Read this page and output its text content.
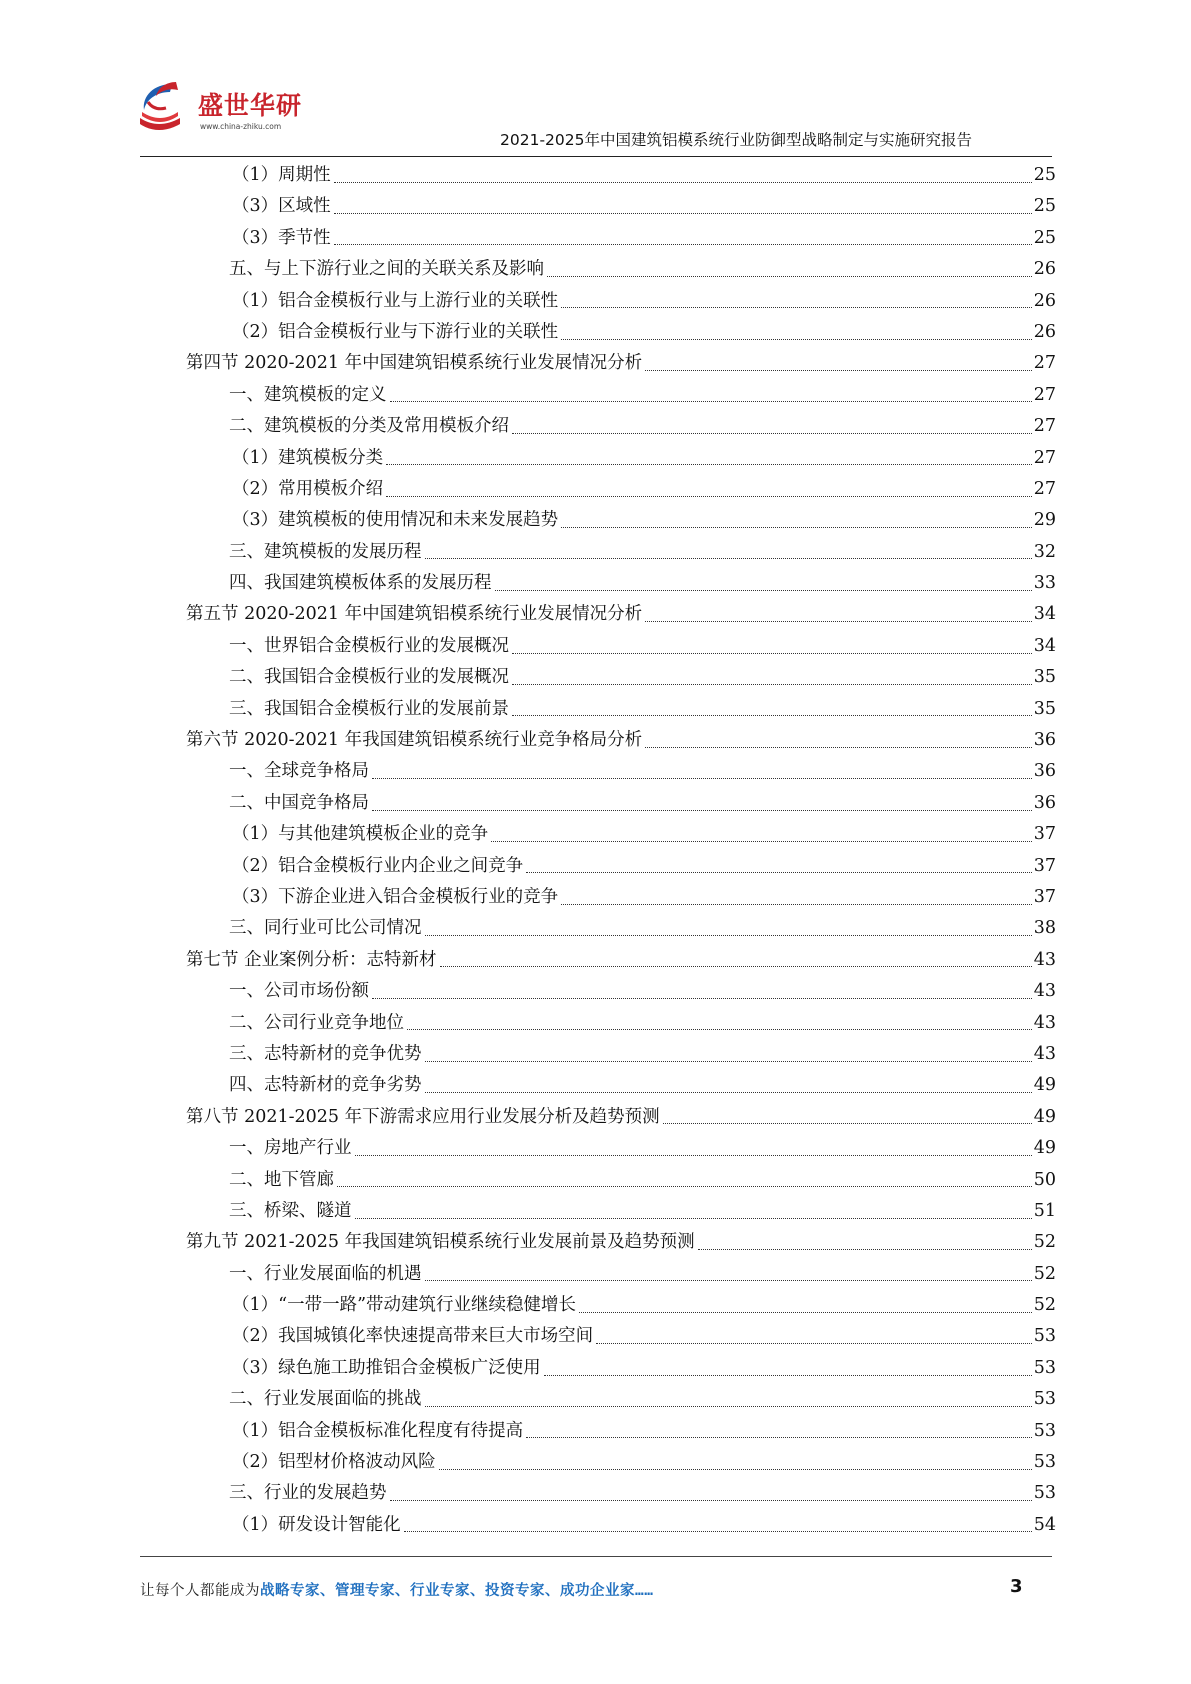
盛世华研
www.china-zhiku.com
2021-2025年中国建筑铝模系统行业防御型战略制定与实施研究报告
（1）周期性	25
（3）区域性	25
（3）季节性	25
五、与上下游行业之间的关联关系及影响	26
（1）铝合金模板行业与上游行业的关联性	26
（2）铝合金模板行业与下游行业的关联性	26
第四节 2020-2021 年中国建筑铝模系统行业发展情况分析	27
一、建筑模板的定义	27
二、建筑模板的分类及常用模板介绍	27
（1）建筑模板分类	27
（2）常用模板介绍	27
（3）建筑模板的使用情况和未来发展趋势	29
三、建筑模板的发展历程	32
四、我国建筑模板体系的发展历程	33
第五节 2020-2021 年中国建筑铝模系统行业发展情况分析	34
一、世界铝合金模板行业的发展概况	34
二、我国铝合金模板行业的发展概况	35
三、我国铝合金模板行业的发展前景	35
第六节 2020-2021 年我国建筑铝模系统行业竞争格局分析	36
一、全球竞争格局	36
二、中国竞争格局	36
（1）与其他建筑模板企业的竞争	37
（2）铝合金模板行业内企业之间竞争	37
（3）下游企业进入铝合金模板行业的竞争	37
三、同行业可比公司情况	38
第七节 企业案例分析：志特新材	43
一、公司市场份额	43
二、公司行业竞争地位	43
三、志特新材的竞争优势	43
四、志特新材的竞争劣势	49
第八节 2021-2025 年下游需求应用行业发展分析及趋势预测	49
一、房地产行业	49
二、地下管廊	50
三、桥梁、隧道	51
第九节 2021-2025 年我国建筑铝模系统行业发展前景及趋势预测	52
一、行业发展面临的机遇	52
（1）“一带一路”带动建筑行业继续稳健增长	52
（2）我国城镇化率快速提高带来巨大市场空间	53
（3）绿色施工助推铝合金模板广泛使用	53
二、行业发展面临的挑战	53
（1）铝合金模板标准化程度有待提高	53
（2）铝型材价格波动风险	53
三、行业的发展趋势	53
（1）研发设计智能化	54
让每个人都能成为战略专家、管理专家、行业专家、投资专家、成功企业家……	3
